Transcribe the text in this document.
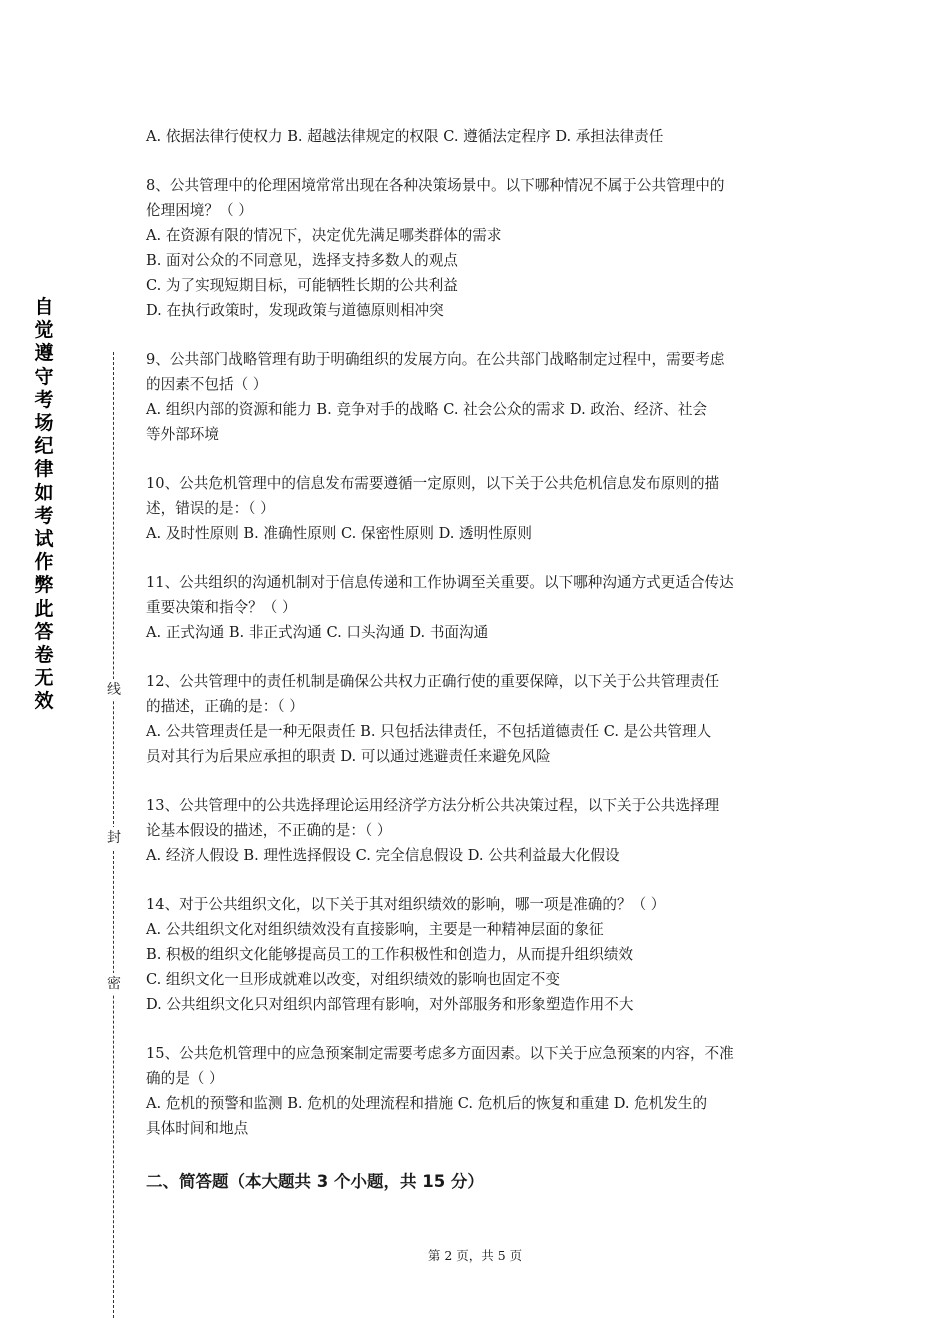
自觉遵守考场纪律如考试作弊此答卷无效
线
封
密
A. 依据法律行使权力 B. 超越法律规定的权限 C. 遵循法定程序 D. 承担法律责任
8、公共管理中的伦理困境常常出现在各种决策场景中。以下哪种情况不属于公共管理中的
伦理困境？（ ）
A. 在资源有限的情况下，决定优先满足哪类群体的需求
B. 面对公众的不同意见，选择支持多数人的观点
C. 为了实现短期目标，可能牺牲长期的公共利益
D. 在执行政策时，发现政策与道德原则相冲突
9、公共部门战略管理有助于明确组织的发展方向。在公共部门战略制定过程中，需要考虑
的因素不包括（ ）
A. 组织内部的资源和能力 B. 竞争对手的战略 C. 社会公众的需求 D. 政治、经济、社会
等外部环境
10、公共危机管理中的信息发布需要遵循一定原则，以下关于公共危机信息发布原则的描
述，错误的是：（ ）
A. 及时性原则 B. 准确性原则 C. 保密性原则 D. 透明性原则
11、公共组织的沟通机制对于信息传递和工作协调至关重要。以下哪种沟通方式更适合传达
重要决策和指令？（ ）
A. 正式沟通 B. 非正式沟通 C. 口头沟通 D. 书面沟通
12、公共管理中的责任机制是确保公共权力正确行使的重要保障，以下关于公共管理责任
的描述，正确的是：（ ）
A. 公共管理责任是一种无限责任 B. 只包括法律责任，不包括道德责任 C. 是公共管理人
员对其行为后果应承担的职责 D. 可以通过逃避责任来避免风险
13、公共管理中的公共选择理论运用经济学方法分析公共决策过程，以下关于公共选择理
论基本假设的描述，不正确的是：（ ）
A. 经济人假设 B. 理性选择假设 C. 完全信息假设 D. 公共利益最大化假设
14、对于公共组织文化，以下关于其对组织绩效的影响，哪一项是准确的？（ ）
A. 公共组织文化对组织绩效没有直接影响，主要是一种精神层面的象征
B. 积极的组织文化能够提高员工的工作积极性和创造力，从而提升组织绩效
C. 组织文化一旦形成就难以改变，对组织绩效的影响也固定不变
D. 公共组织文化只对组织内部管理有影响，对外部服务和形象塑造作用不大
15、公共危机管理中的应急预案制定需要考虑多方面因素。以下关于应急预案的内容，不准
确的是（ ）
A. 危机的预警和监测 B. 危机的处理流程和措施 C. 危机后的恢复和重建 D. 危机发生的
具体时间和地点
二、简答题（本大题共 3 个小题，共 15 分）
第 2 页，共 5 页
